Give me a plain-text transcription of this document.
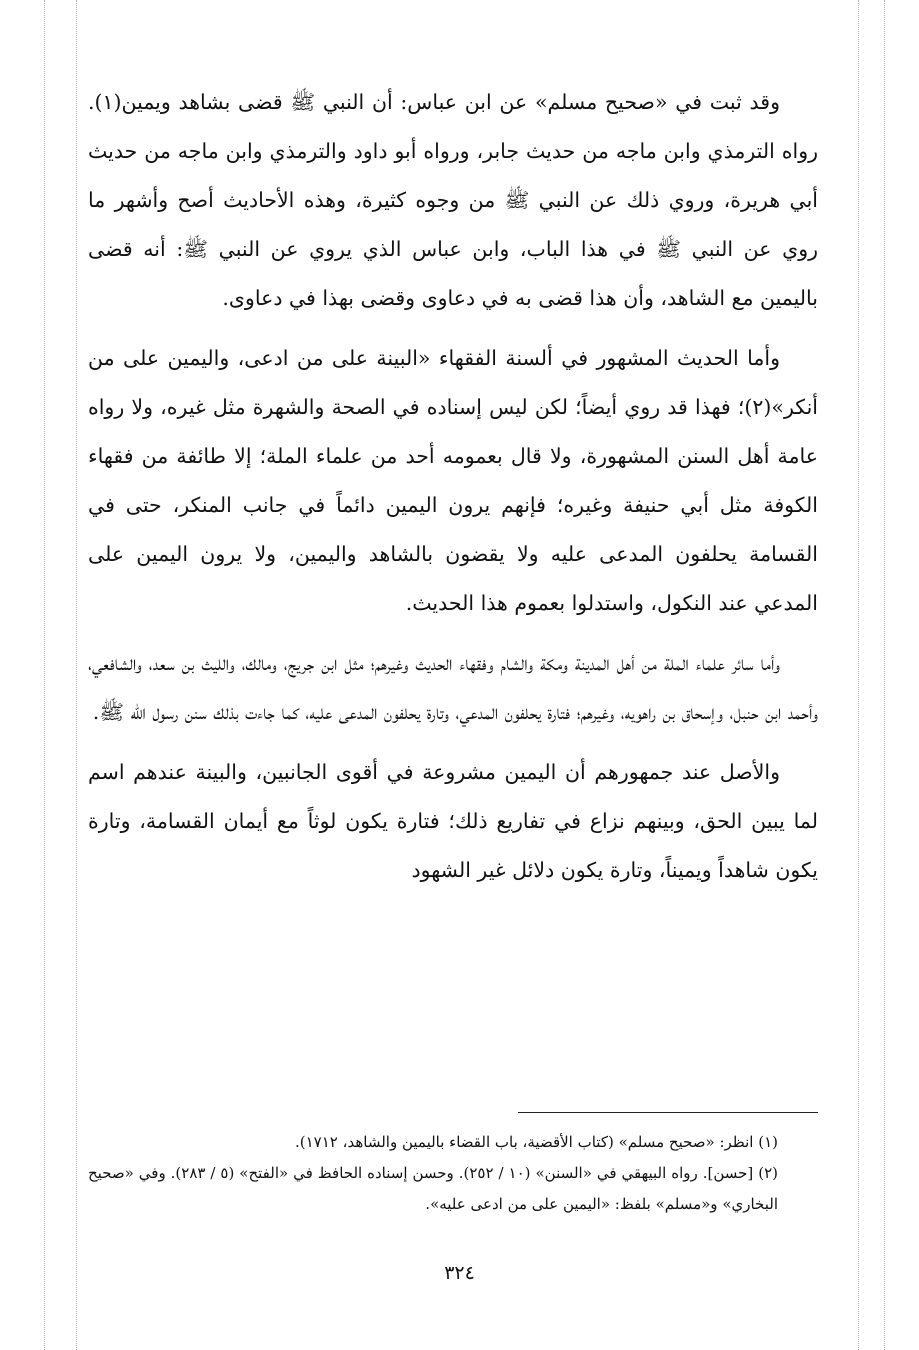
وقد ثبت في «صحيح مسلم» عن ابن عباس: أن النبي ﷺ قضى بشاهد ويمين(١). رواه الترمذي وابن ماجه من حديث جابر، ورواه أبو داود والترمذي وابن ماجه من حديث أبي هريرة، وروي ذلك عن النبي ﷺ من وجوه كثيرة، وهذه الأحاديث أصح وأشهر ما روي عن النبي ﷺ في هذا الباب، وابن عباس الذي يروي عن النبي ﷺ: أنه قضى باليمين مع الشاهد، وأن هذا قضى به في دعاوى وقضى بهذا في دعاوى.

وأما الحديث المشهور في ألسنة الفقهاء «البينة على من ادعى، واليمين على من أنكر»(٢)؛ فهذا قد روي أيضاً؛ لكن ليس إسناده في الصحة والشهرة مثل غيره، ولا رواه عامة أهل السنن المشهورة، ولا قال بعمومه أحد من علماء الملة؛ إلا طائفة من فقهاء الكوفة مثل أبي حنيفة وغيره؛ فإنهم يرون اليمين دائماً في جانب المنكر، حتى في القسامة يحلفون المدعى عليه ولا يقضون بالشاهد واليمين، ولا يرون اليمين على المدعي عند النكول، واستدلوا بعموم هذا الحديث.

وأما سائر علماء الملة من أهل المدينة ومكة والشام وفقهاء الحديث وغيرهم؛ مثل ابن جريج، ومالك، والليث بن سعد، والشافعي، وأحمد ابن حنبل، وإسحاق بن راهويه، وغيرهم؛ فتارة يحلفون المدعي، وتارة يحلفون المدعى عليه، كما جاءت بذلك سنن رسول الله ﷺ.

والأصل عند جمهورهم أن اليمين مشروعة في أقوى الجانبين، والبينة عندهم اسم لما يبين الحق، وبينهم نزاع في تفاريع ذلك؛ فتارة يكون لوثاً مع أيمان القسامة، وتارة يكون شاهداً ويميناً، وتارة يكون دلائل غير الشهود

(١) انظر: «صحيح مسلم» (كتاب الأقضية، باب القضاء باليمين والشاهد، ١٧١٢).

(٢) [حسن]. رواه البيهقي في «السنن» (١٠ / ٢٥٢). وحسن إسناده الحافظ في «الفتح» (٥ / ٢٨٣). وفي «صحيح البخاري» و«مسلم» بلفظ: «اليمين على من ادعى عليه».

٣٢٤
